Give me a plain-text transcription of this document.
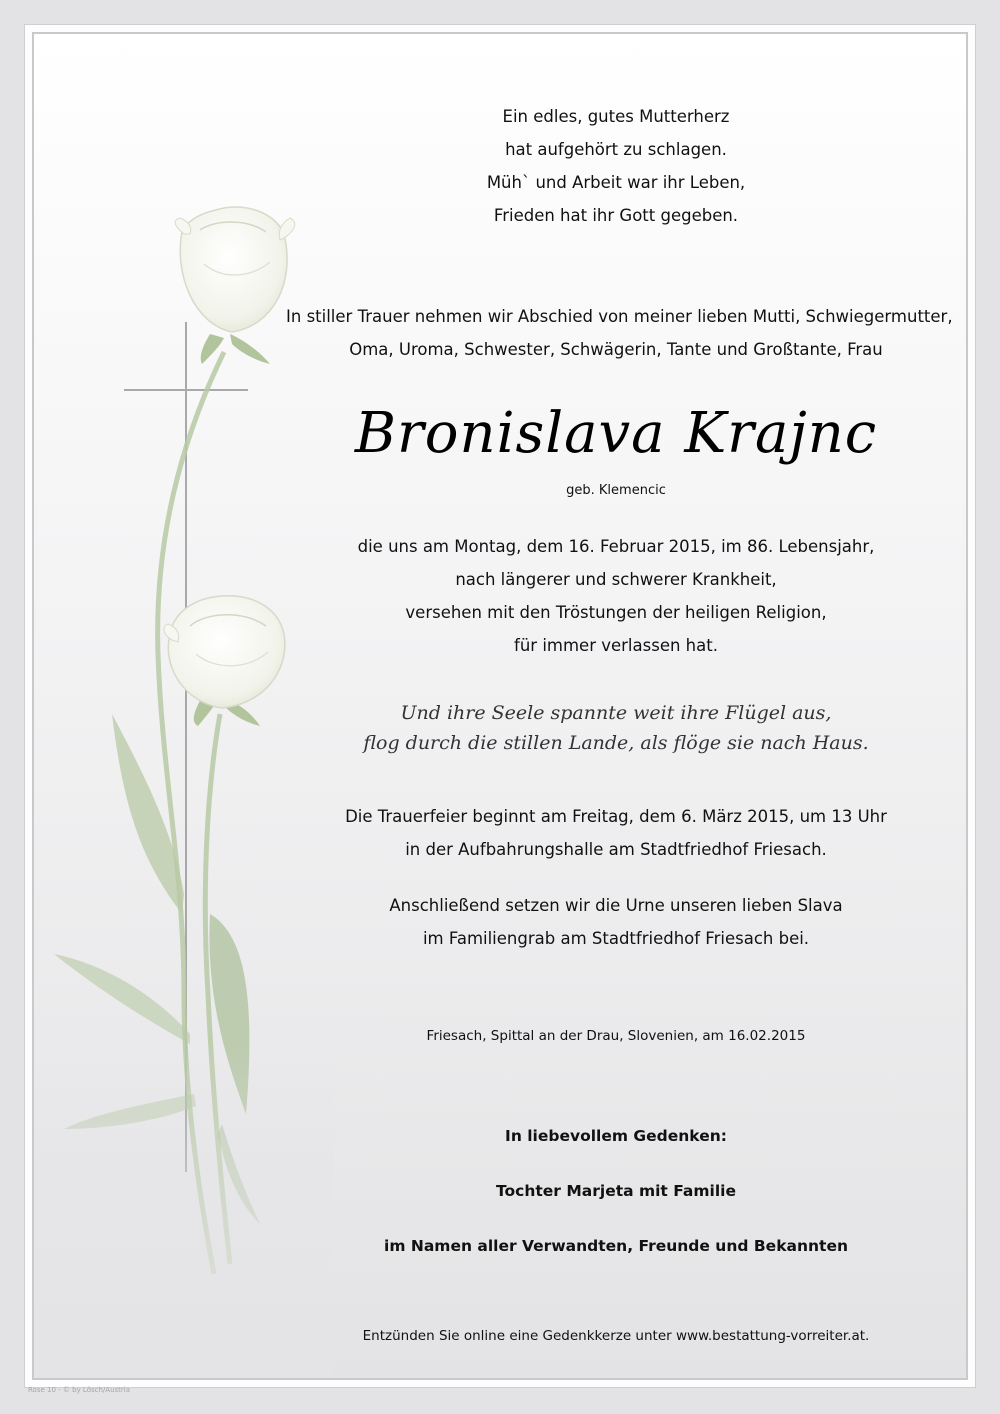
Ein edles, gutes Mutterherz
hat aufgehört zu schlagen.
Müh` und Arbeit war ihr Leben,
Frieden hat ihr Gott gegeben.
In stiller Trauer nehmen wir Abschied von meiner lieben Mutti, Schwiegermutter,
Oma, Uroma, Schwester, Schwägerin, Tante und Großtante, Frau
Bronislava Krajnc
geb. Klemencic
die uns am Montag, dem 16. Februar 2015, im 86. Lebensjahr,
nach längerer und schwerer Krankheit,
versehen mit den Tröstungen der heiligen Religion,
für immer verlassen hat.
Und ihre Seele spannte weit ihre Flügel aus,
flog durch die stillen Lande, als flöge sie nach Haus.
Die Trauerfeier beginnt am Freitag, dem 6. März 2015, um 13 Uhr
in der Aufbahrungshalle am Stadtfriedhof Friesach.
Anschließend setzen wir die Urne unseren lieben Slava
im Familiengrab am Stadtfriedhof Friesach bei.
Friesach, Spittal an der Drau, Slovenien, am 16.02.2015
In liebevollem Gedenken:
Tochter Marjeta mit Familie
im Namen aller Verwandten, Freunde und Bekannten
Entzünden Sie online eine Gedenkkerze unter www.bestattung-vorreiter.at.
Rose 10 - © by Lösch/Austria
